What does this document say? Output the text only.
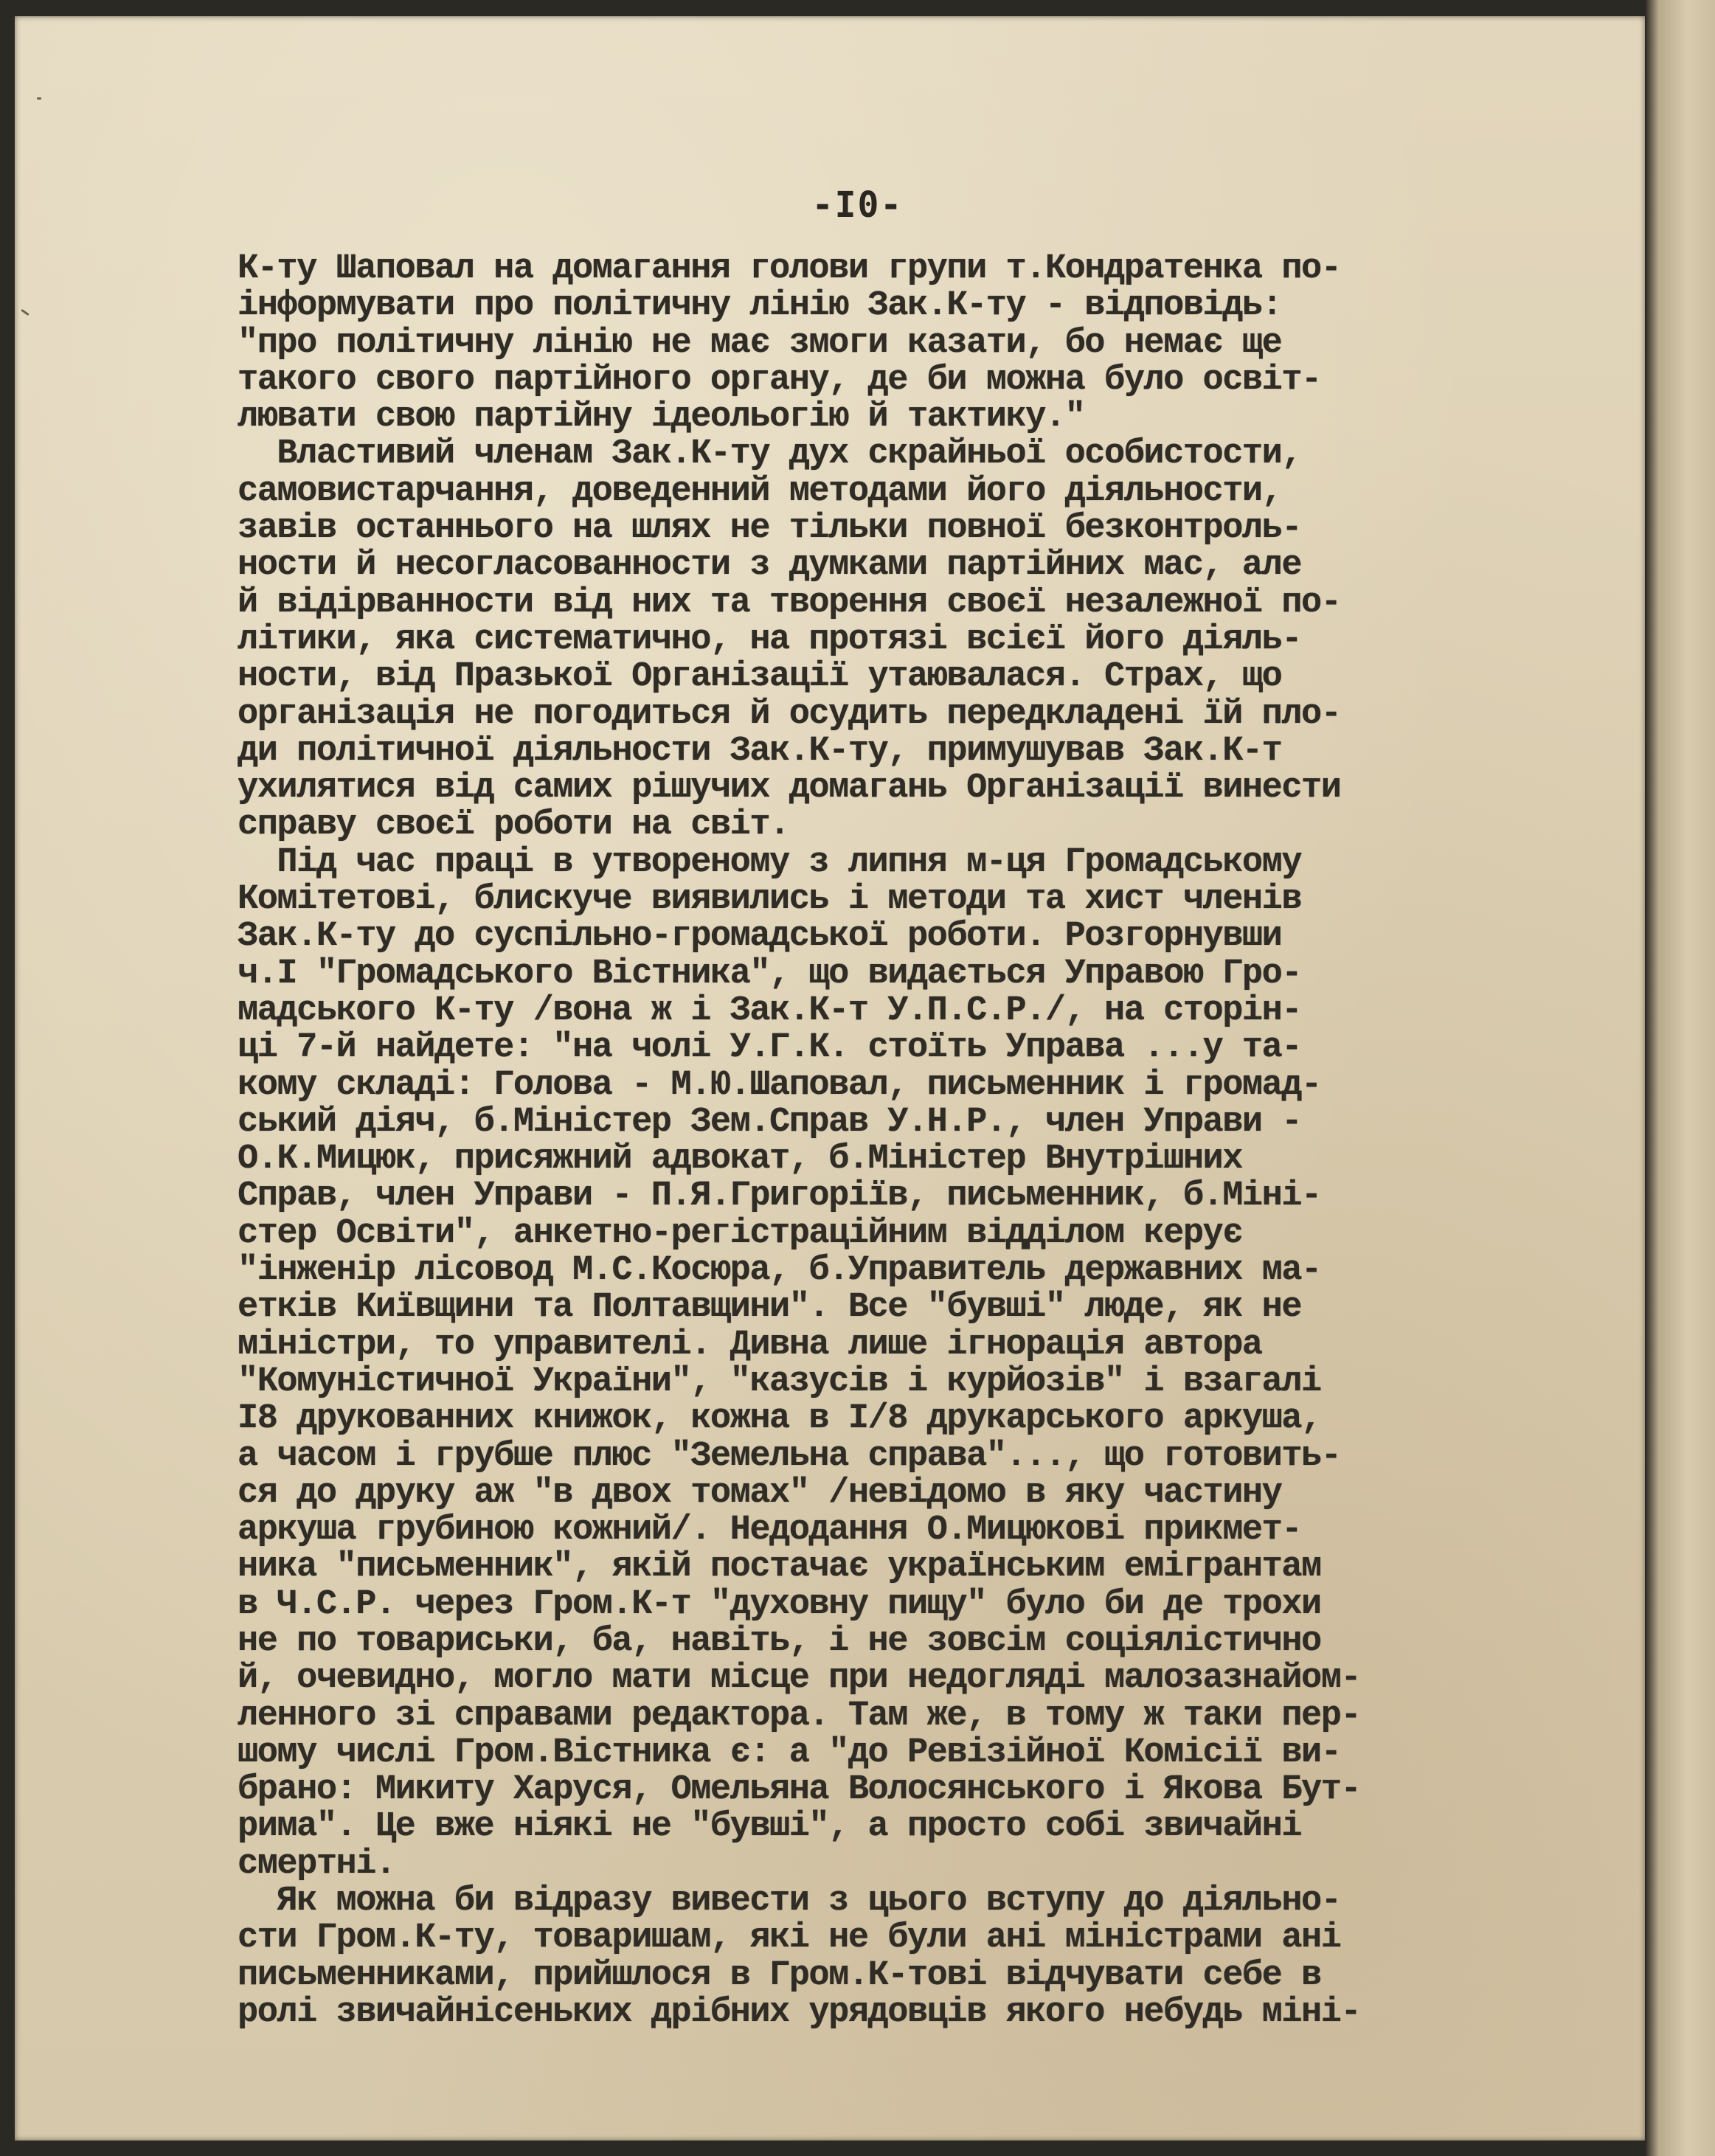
-I0-
К-ту Шаповал на домагання голови групи т.Кондратенка по-
інформувати про політичну лінію Зак.К-ту - відповідь:
"про політичну лінію не має змоги казати, бо немає ще
такого свого партійного органу, де би можна було освіт-
лювати свою партійну ідеольогію й тактику."
Властивий членам Зак.К-ту дух скрайньої особистости,
самовистарчання, доведенний методами його діяльности,
завів останнього на шлях не тільки повної безконтроль-
ности й несогласованности з думками партійних мас, але
й відірванности від них та творення своєї незалежної по-
літики, яка систематично, на протязі всієї його діяль-
ности, від Празької Організації утаювалася. Страх, що
організація не погодиться й осудить передкладені їй пло-
ди політичної діяльности Зак.К-ту, примушував Зак.К-т
ухилятися від самих рішучих домагань Організації винести
справу своєї роботи на світ.
Під час праці в утвореному з липня м-ця Громадському
Комітетові, блискуче виявились і методи та хист членів
Зак.К-ту до суспільно-громадської роботи. Розгорнувши
ч.І "Громадського Вістника", що видається Управою Гро-
мадського К-ту /вона ж і Зак.К-т У.П.С.Р./, на сторін-
ці 7-й найдете: "на чолі У.Г.К. стоїть Управа ...у та-
кому складі: Голова - М.Ю.Шаповал, письменник і громад-
ський діяч, б.Міністер Зем.Справ У.Н.Р., член Управи -
О.К.Мицюк, присяжний адвокат, б.Міністер Внутрішних
Справ, член Управи - П.Я.Григоріїв, письменник, б.Міні-
стер Освіти", анкетно-регістраційним відділом керує
"інженір лісовод М.С.Косюра, б.Управитель державних ма-
етків Київщини та Полтавщини". Все "бувші" люде, як не
міністри, то управителі. Дивна лише ігнорація автора
"Комуністичної України", "казусів і курйозів" і взагалі
I8 друкованних книжок, кожна в I/8 друкарського аркуша,
а часом і грубше плюс "Земельна справа"..., що готовить-
ся до друку аж "в двох томах" /невідомо в яку частину
аркуша грубиною кожний/. Недодання О.Мицюкові прикмет-
ника "письменник", якій постачає українським емігрантам
в Ч.С.Р. через Гром.К-т "духовну пищу" було би де трохи
не по товариськи, ба, навіть, і не зовсім соціялістично
й, очевидно, могло мати місце при недогляді малозазнайом-
ленного зі справами редактора. Там же, в тому ж таки пер-
шому числі Гром.Вістника є: а "до Ревізійної Комісії ви-
брано: Микиту Харуся, Омельяна Волосянського і Якова Бут-
рима". Це вже ніякі не "бувші", а просто собі звичайні
смертні.
Як можна би відразу вивести з цього вступу до діяльно-
сти Гром.К-ту, товаришам, які не були ані міністрами ані
письменниками, прийшлося в Гром.К-тові відчувати себе в
ролі звичайнісеньких дрібних урядовців якого небудь міні-
